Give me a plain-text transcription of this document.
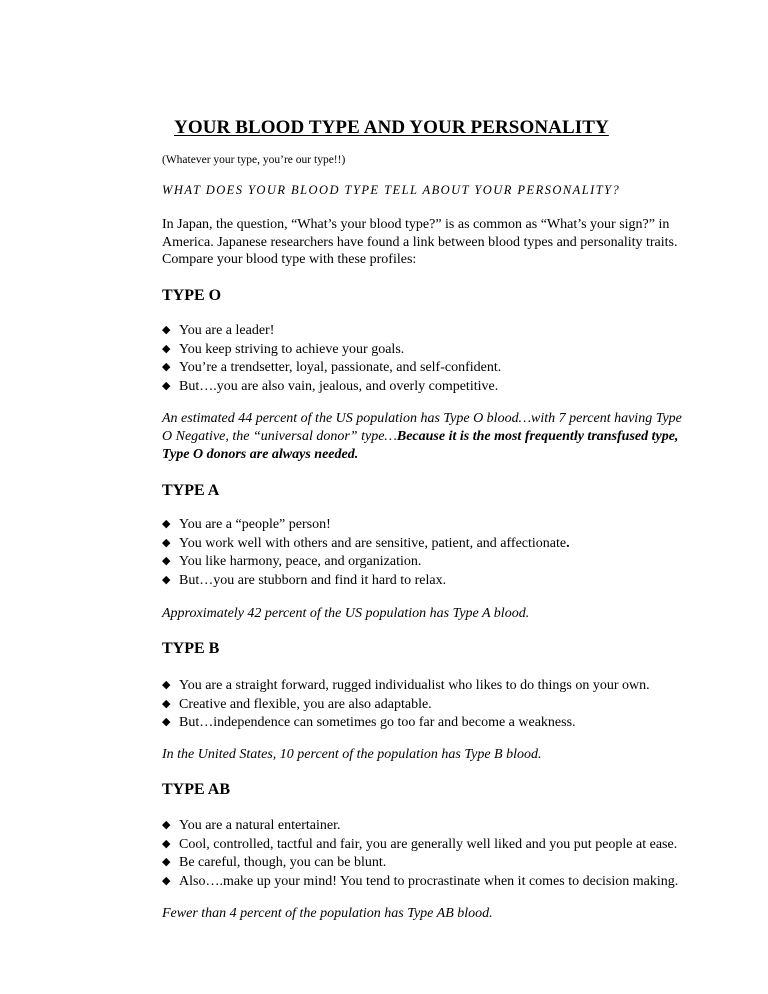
YOUR BLOOD TYPE AND YOUR PERSONALITY
(Whatever your type, you’re our type!!)
WHAT DOES YOUR BLOOD TYPE TELL ABOUT YOUR PERSONALITY?

In Japan, the question, “What’s your blood type?” is as common as “What’s your sign?” in
America. Japanese researchers have found a link between blood types and personality traits.
Compare your blood type with these profiles:

TYPE O
◆ You are a leader!
◆ You keep striving to achieve your goals.
◆ You’re a trendsetter, loyal, passionate, and self-confident.
◆ But….you are also vain, jealous, and overly competitive.

An estimated 44 percent of the US population has Type O blood…with 7 percent having Type
O Negative, the “universal donor” type…Because it is the most frequently transfused type,
Type O donors are always needed.

TYPE A
◆ You are a “people” person!
◆ You work well with others and are sensitive, patient, and affectionate.
◆ You like harmony, peace, and organization.
◆ But…you are stubborn and find it hard to relax.

Approximately 42 percent of the US population has Type A blood.

TYPE B
◆ You are a straight forward, rugged individualist who likes to do things on your own.
◆ Creative and flexible, you are also adaptable.
◆ But…independence can sometimes go too far and become a weakness.

In the United States, 10 percent of the population has Type B blood.

TYPE AB
◆ You are a natural entertainer.
◆ Cool, controlled, tactful and fair, you are generally well liked and you put people at ease.
◆ Be careful, though, you can be blunt.
◆ Also….make up your mind! You tend to procrastinate when it comes to decision making.

Fewer than 4 percent of the population has Type AB blood.
